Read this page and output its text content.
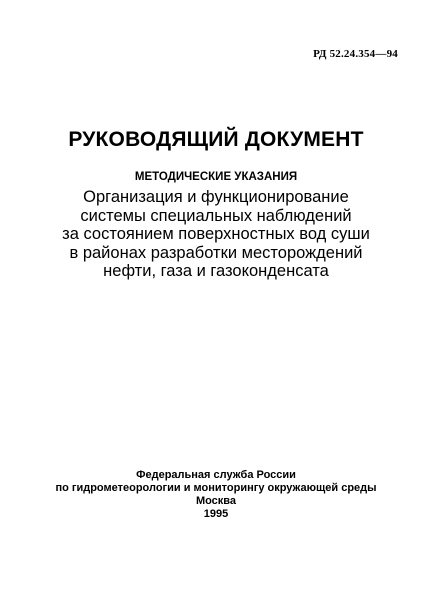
РД 52.24.354—94
РУКОВОДЯЩИЙ ДОКУМЕНТ
МЕТОДИЧЕСКИЕ УКАЗАНИЯ
Организация и функционирование
системы специальных наблюдений
за состоянием поверхностных вод суши
в районах разработки месторождений
нефти, газа и газоконденсата
Федеральная служба России
по гидрометеорологии и мониторингу окружающей среды
Москва
1995
